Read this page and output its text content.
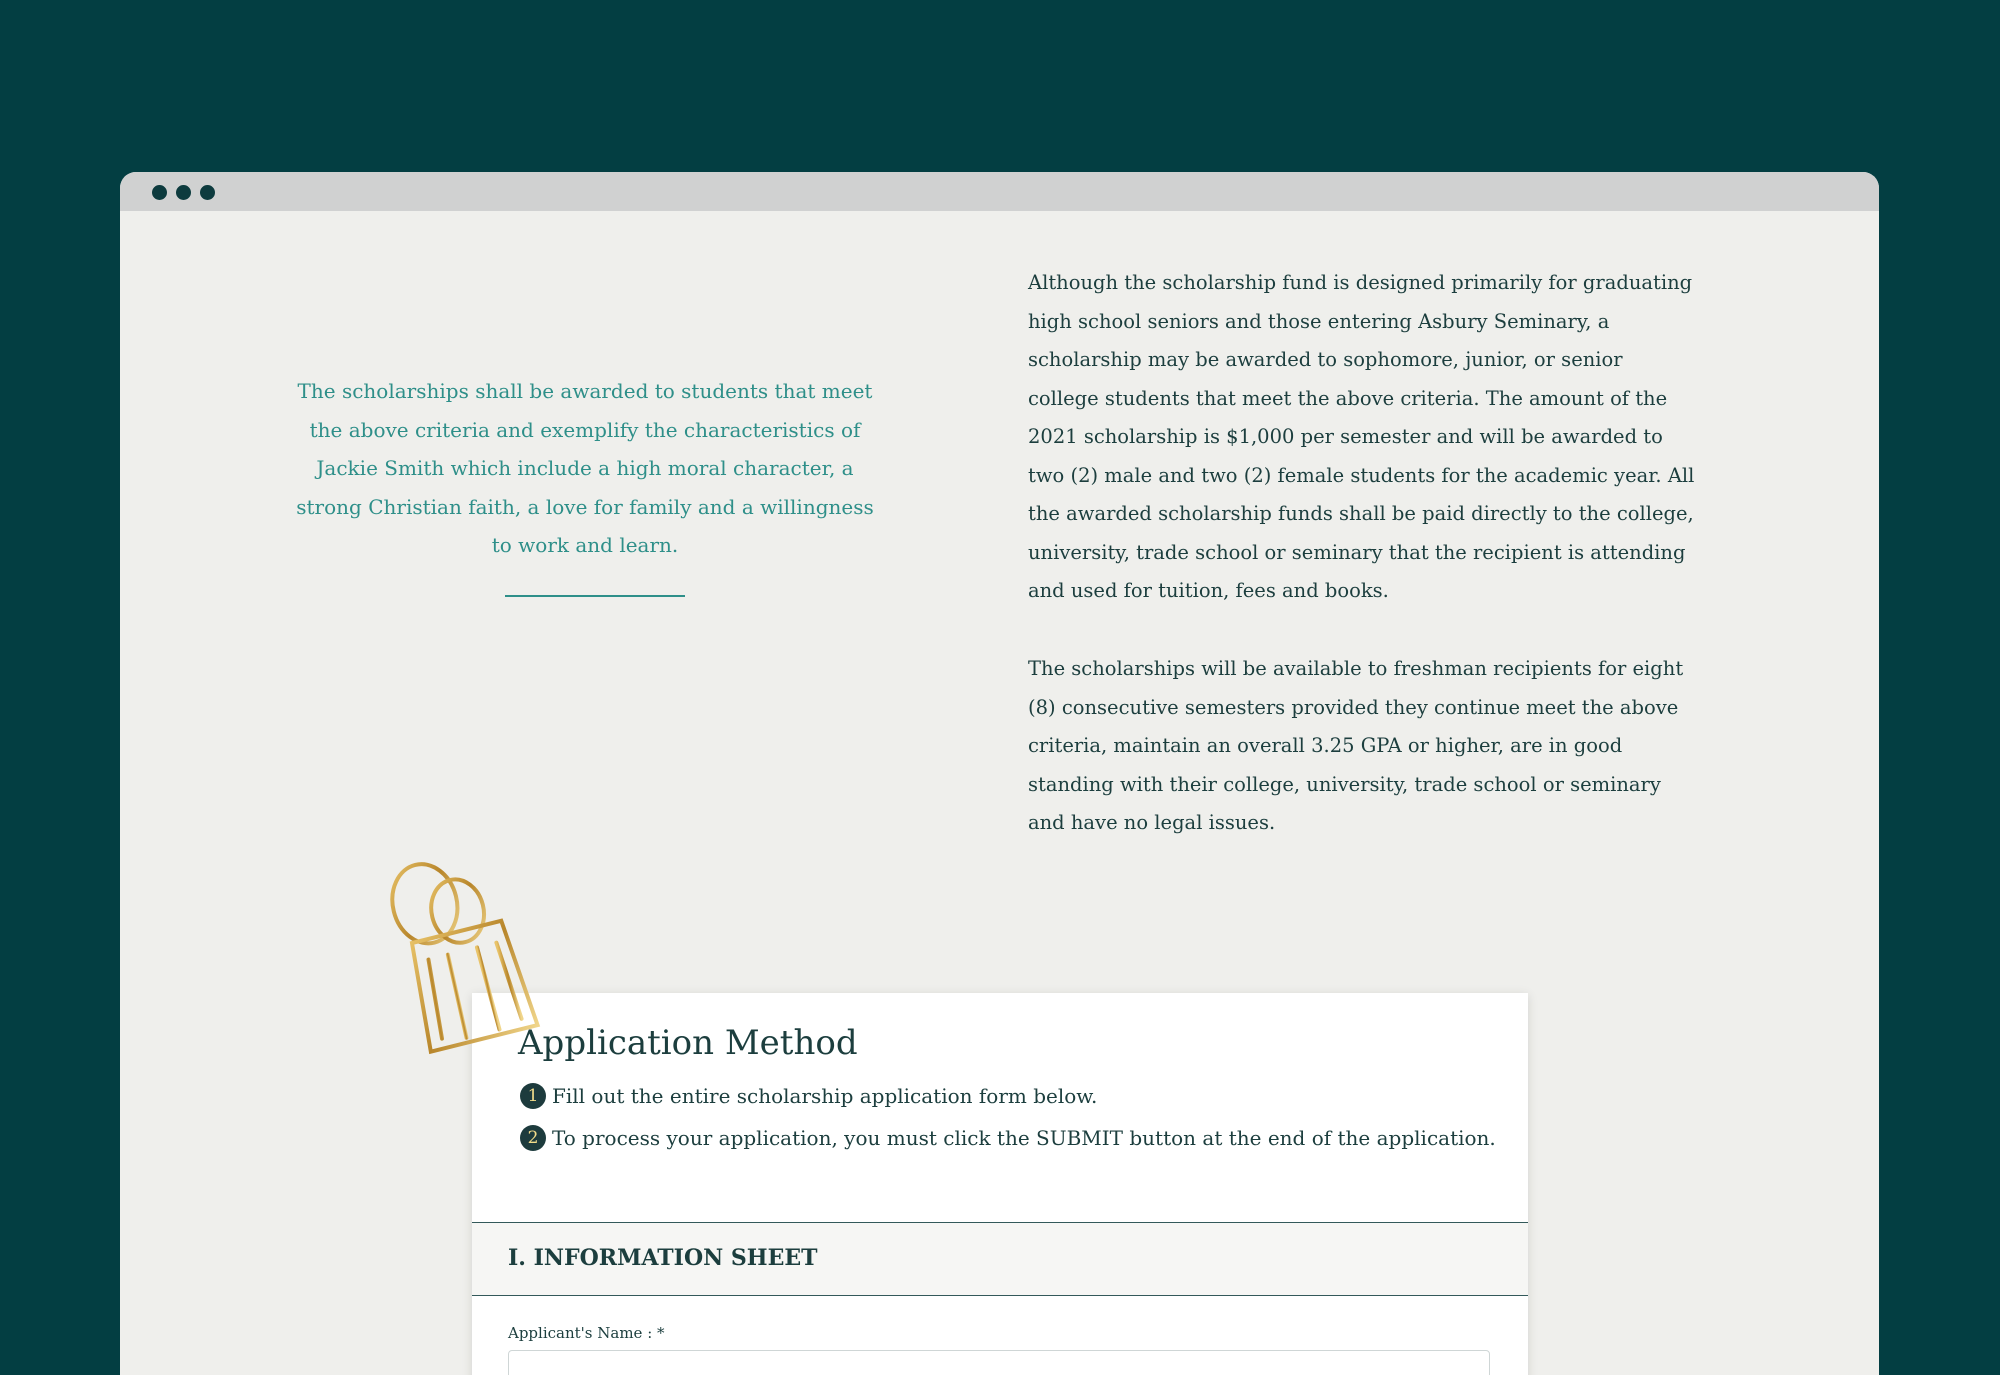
The scholarships shall be awarded to students that meet the above criteria and exemplify the characteristics of Jackie Smith which include a high moral character, a strong Christian faith, a love for family and a willingness to work and learn.

Although the scholarship fund is designed primarily for graduating high school seniors and those entering Asbury Seminary, a scholarship may be awarded to sophomore, junior, or senior college students that meet the above criteria. The amount of the 2021 scholarship is $1,000 per semester and will be awarded to two (2) male and two (2) female students for the academic year. All the awarded scholarship funds shall be paid directly to the college, university, trade school or seminary that the recipient is attending and used for tuition, fees and books.

The scholarships will be available to freshman recipients for eight (8) consecutive semesters provided they continue meet the above criteria, maintain an overall 3.25 GPA or higher, are in good standing with their college, university, trade school or seminary and have no legal issues.

Application Method
1 Fill out the entire scholarship application form below.
2 To process your application, you must click the SUBMIT button at the end of the application.
I. INFORMATION SHEET
Applicant's Name : *
